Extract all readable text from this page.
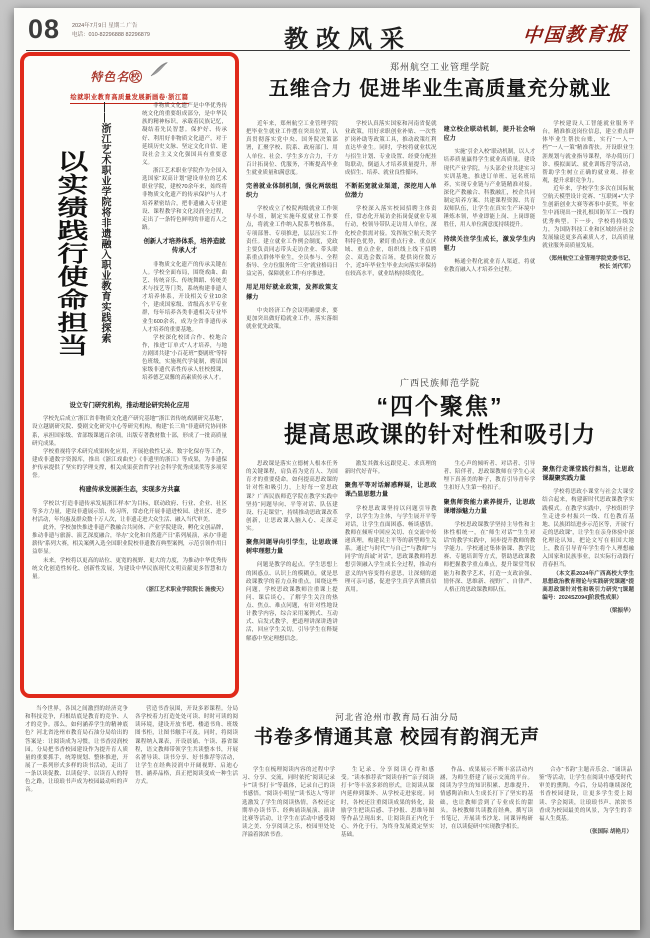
08 2024年7月9日 星期二 广告
电话：010-82296888 82296879	教改风采	中国教育报
特色名校
绘就职业教育高质量发展新画卷·浙江篇
以实绩践行使命担当	——浙江艺术职业学院将非遗融入职业教育实践探索	非物质文化遗产是中华优秀传统文化的重要组成部分，是中华民族的精神标识，承载着民族记忆，凝结着先民智慧。保护好、传承好、利用好非物质文化遗产，对于延续历史文脉、坚定文化自信、建设社会主义文化强国具有重要意义。

浙江艺术职业学院作为全国入选国家“双高计划”建设单位的艺术职业学院，建校70余年来，始终将非物质文化遗产的传承保护与人才培养紧密结合，把非遗融入专业建设、课程教学和文化浸润全过程，走出了一条特色鲜明的非遗育人之路。

创新人才培养体系，培养造就传承人才

非物质文化遗产的传承关键在人。学校全面布局，围绕戏曲、曲艺、传统音乐、传统舞蹈、传统美术与技艺等门类，系统构建非遗人才培养体系，开设相关专业10余个，建成国家级、省级高水平专业群，每年培养各类非遗相关专业毕业生600余名，成为全省非遗传承人才培养的重要基地。

学校深化校团合作、校地合作，推进“订单式”人才培养，与地方剧团共建“小百花班”“婺剧班”等特色班级，实施现代学徒制，聘请国家级非遗代表性传承人驻校授课，培养德艺双馨的高素质传承人才。

设立专门研究机构，推动理论研究转化应用

学校先后成立“浙江省非物质文化遗产研究基地”“浙江省传统戏剧研究基地”，设立越剧研究院、婺剧文化研究中心等研究机构，构建“长三角”非遗研究协同体系，承担国家级、省部级课题百余项，出版专著教材数十部，形成了一批高质量研究成果。

学校重视将学术研究成果转化应用，开展抢救性记录、数字化保存等工作，建成非遗数字资源库，推出《浙江戏曲史》《非遗里的浙江》等成果，为非遗保护传承提供了坚实的学理支撑，相关成果获省哲学社会科学优秀成果奖等多项荣誉。

构建传承发展新生态，实现多方共赢

学校以“打造非遗传承发展浙江样本”为目标，联动政府、行业、企业、社区等多方力量，建设非遗展示馆、传习所，常态化开展非遗进校园、进社区、进乡村活动，年均惠及群众数十万人次，让非遗走进大众生活、融入当代审美。

此外，学校加快推进非遗产教融合共同体、产业学院建设，孵化文创品牌，推动非遗与旅游、演艺深度融合，举办“文化和自然遗产日”系列展演，承办“非遗薪传”系列大赛，相关案例入选全国职业院校非遗教育典型案例，示范引领作用日益彰显。

未来，学校将以更高的站位、更宽的视野、更大的力度，为推动中华优秀传统文化创造性转化、创新性发展，为建设中华民族现代文明贡献更多智慧和力量。

（浙江艺术职业学院院长 施俊天）

郑州航空工业管理学院
五维合力 促进毕业生高质量充分就业

近年来，郑州航空工业管理学院把毕业生就业工作摆在突出位置，认真贯彻落实党中央、国务院决策部署，汇聚学校、院系、政府部门、用人单位、社会、学生多方合力，千方百计拓岗位、优服务，不断提高毕业生就业质量和满意度。

完善就业体制机制，强化两级组织力

学校成立了校院两级就业工作领导小组，制定实施年度就业工作要点，将就业工作纳入院系考核体系，专项部署、专项推进，层层压实工作责任。建立就业工作例会制度，党政主要负责同志带头走访企业、带头联系重点群体毕业生，全员参与、全程指导、全方位服务的“三全”就业格局日益完善，保障就业工作有序推进。

用足用好就业政策，发挥政策支撑力

中央经济工作会议明确要求，要更加突出做好稳就业工作，落实落细就业优先政策。

学校认真落实国家和河南省促就业政策，用好求职创业补贴、一次性扩岗补助等政策工具，推动政策红利直达毕业生。同时，学校将就业状况与招生计划、专业设置、经费分配挂钩联动，倒逼人才培养质量提升，形成招生、培养、就业良性循环。

不断拓宽就业渠道，深挖用人单位潜力

学校深入落实校园招聘主体责任，常态化开展访企拓岗促就业专项行动，校领导带队走访用人单位，深化校企供需对接。发挥航空航天类学科特色优势，紧盯重点行业、重点区域、重点企业，组织线上线下招聘会、双选会数百场，提供岗位数万个，近3年毕业生毕业去向落实率保持在较高水平，就业结构持续优化。

建立校企联动机制，提升社会响应力

实施“引企入校”联动机制，以人才培养质量赢得学生就业高质量。建设现代产业学院，与头部企业共建实习实训基地，推进订单班、冠名班培养，实现专业链与产业链精准对接。深化产教融合、科教融汇，校企共同制定培养方案、共建课程资源、共育双师队伍，让学生在真实生产环境中锤炼本领，毕业即能上岗、上岗即能胜任，用人单位满意度持续提升。

持续关注学生成长，激发学生内驱力

畅通全程化就业育人渠道，将就业教育融入人才培养全过程。

学校建设人工智能就业服务平台，精准推送岗位信息，建立重点群体毕业生帮扶台账，实行“一人一档”“一人一策”精准帮扶。开设职业生涯规划与就业指导课程，举办简历门诊、模拟面试、就业训练营等活动，帮助学生树立正确的就业观、择业观，提升求职竞争力。

近年来，学校学生多次在国际航空航天模型设计竞赛、“互联网+”大学生创新创业大赛等赛事中获奖，毕业生中涌现出一批扎根国防军工一线的优秀典型。下一步，学校将持续发力，为国防科技工业和区域经济社会发展输送更多高素质人才，以高质量就业服务高质量发展。

（郑州航空工业管理学院党委书记、校长 刘代军）

广西民族师范学院
“四个聚焦”
提高思政课的针对性和吸引力

思政课是落实立德树人根本任务的关键课程，肩负着为党育人、为国育才的重要使命。如何提高思政课的针对性和吸引力，上好每一堂思政课？广西民族师范学院在教学实践中坚持“问题导向、平等对话、队伍建设、行走课堂”，持续推动思政课改革创新，让思政课入脑入心、走深走实。

聚焦问题导向引学生，让思政课树牢理想力量

问题是教学的起点。学生思想上的困惑点、认识上的模糊点，就是思政课教学的着力点和重点。围绕这些问题，学校思政课教师注重课上提问、课后谈心，了解学生关注的热点、焦点、难点问题，有针对性地设计教学内容，综合采用案例式、互动式、启发式教学，把道理讲深讲透讲活，回应学生关切，引导学生在释疑解惑中坚定理想信念。

激发其做永远跟党走、求真理的新时代好青年。

聚焦平等对话解惑释疑，让思政课凸显思想力量

学校思政课坚持以问题引导教学，以学生为主体，与学生展开平等对话，让学生直面困惑、畅谈感悟。教师在倾听中回应关切、在交流中传递真理，构建民主平等的新型师生关系。通过“与时代”“与自己”“与教师”“与同学”的真诚“对话”，思政课教师将思想引领融入学生成长全过程，推动有意义的内容变得有意思，让深刻的道理可亲可感，促进学生真学真懂真信真用。

生心声的倾听者、对话者、引导者、陪伴者，思政课教师在学生心灵埋下真善美的种子，教育引导青年学生扣好人生第一粒扣子。

聚焦师资能力素养提升，让思政课增添魅力力量

学校思政课教学坚持主导性和主体性相统一，在“师生对话”“生生对话”的教学实践中，同步提升教师的教学能力。学校通过集体备课、教学比赛、专题培训等方式，帮助思政课教师把握教学重点难点，提升课堂驾驭能力和教学艺术，打造一支政治强、情怀深、思维新、视野广、自律严、人格正的思政课教师队伍。

聚焦行走课堂践行担当，让思政课凝聚实践力量

学校将思政小课堂与社会大课堂结合起来，构建新时代思政课教学实践模式。在教学实践中，学校组织学生走进乡村振兴一线、红色教育基地、民族团结进步示范区等，开展“行走的思政课”，让学生在亲身体验中深化理论认知，把论文写在祖国大地上，教育引导青年学生将个人理想融入国家和民族事业，以实际行动践行青春担当。

（本文系2024年广西高校大学生思想政治教育理论与实践研究课题“提高思政课针对性和吸引力研究”[课题编号：2024SZ094]阶段性成果）

（梁振华）

当今世界，各国之间激烈的经济竞争和科技竞争，归根结底是教育的竞争、人才的竞争。那么，如何涵养学生的精神底色？河北省沧州市教育局石油分局给出的答案是：让阅读成为习惯，让书香浸润校园。分局把书香校园建设作为提升育人质量的重要抓手，统筹规划、整体推进，开展了一系列形式多样的读书活动，走出了一条以读促教、以读促学、以读育人的特色之路，让琅琅书声成为校园最动听的声音。

营造书香氛围，开设多彩课程。分局各学校着力打造处处可读、时时可读的阅读环境，建设开放书吧、楼道书角、班级图书柜，让图书触手可及。同时，将阅读课程纳入课表，开设晨诵、午读、暮省课程，语文教师带领学生共读整本书，开展名著导读、读书分享、好书推荐等活动，让学生在经典浸润中开阔视野、启迪心智、涵养品格，真正把阅读变成一种生活方式。

河北省沧州市教育局石油分局
书卷多情通其意 校园有韵润无声

学生在梳理阅读内容的过程中学习、分享、交流，同时依托“阅读记录卡”“读书打卡”等载体，记录自己的读书感悟。“阅读小明星”“读书达人”等评选激发了学生的阅读热情，各校还定期举办读书节、经典诵读展演、演讲比赛等活动，让学生在活动中感受阅读之美、分享阅读之乐，校园里处处洋溢着浓浓书香。

生记录、分享阅读心得和感受。“读本推荐表”“阅读存折”“亲子阅读打卡”等丰富多彩的形式，让阅读从课内延伸到课外、从学校走进家庭。同时，各校还注重阅读成果的转化，鼓励学生把读后感、手抄报、思维导图等作品呈现出来，让阅读真正内化于心、外化于行，为终身发展奠定坚实基础。

作品、成果展示不断丰富活动内涵，为师生搭建了展示交流的平台。阅读为学生的知识积累、思维提升、情感陶冶和人生成长打下了坚实的基础，也让教师尝到了专业成长的甜头。各校教师共读教育经典，撰写读书笔记，开展读书沙龙、同课异构研讨，在以读促研中实现教学相长。

合办“书韵”主题音乐会、“诵读品鉴”等活动，让学生在阅读中感受时代审美的熏陶。今后，分局将继续深化书香校园建设，让更多学生爱上阅读、学会阅读，让琅琅书声、浓浓书香成为校园最美的风景，为学生的幸福人生奠基。

（张国际 胡艳月）
